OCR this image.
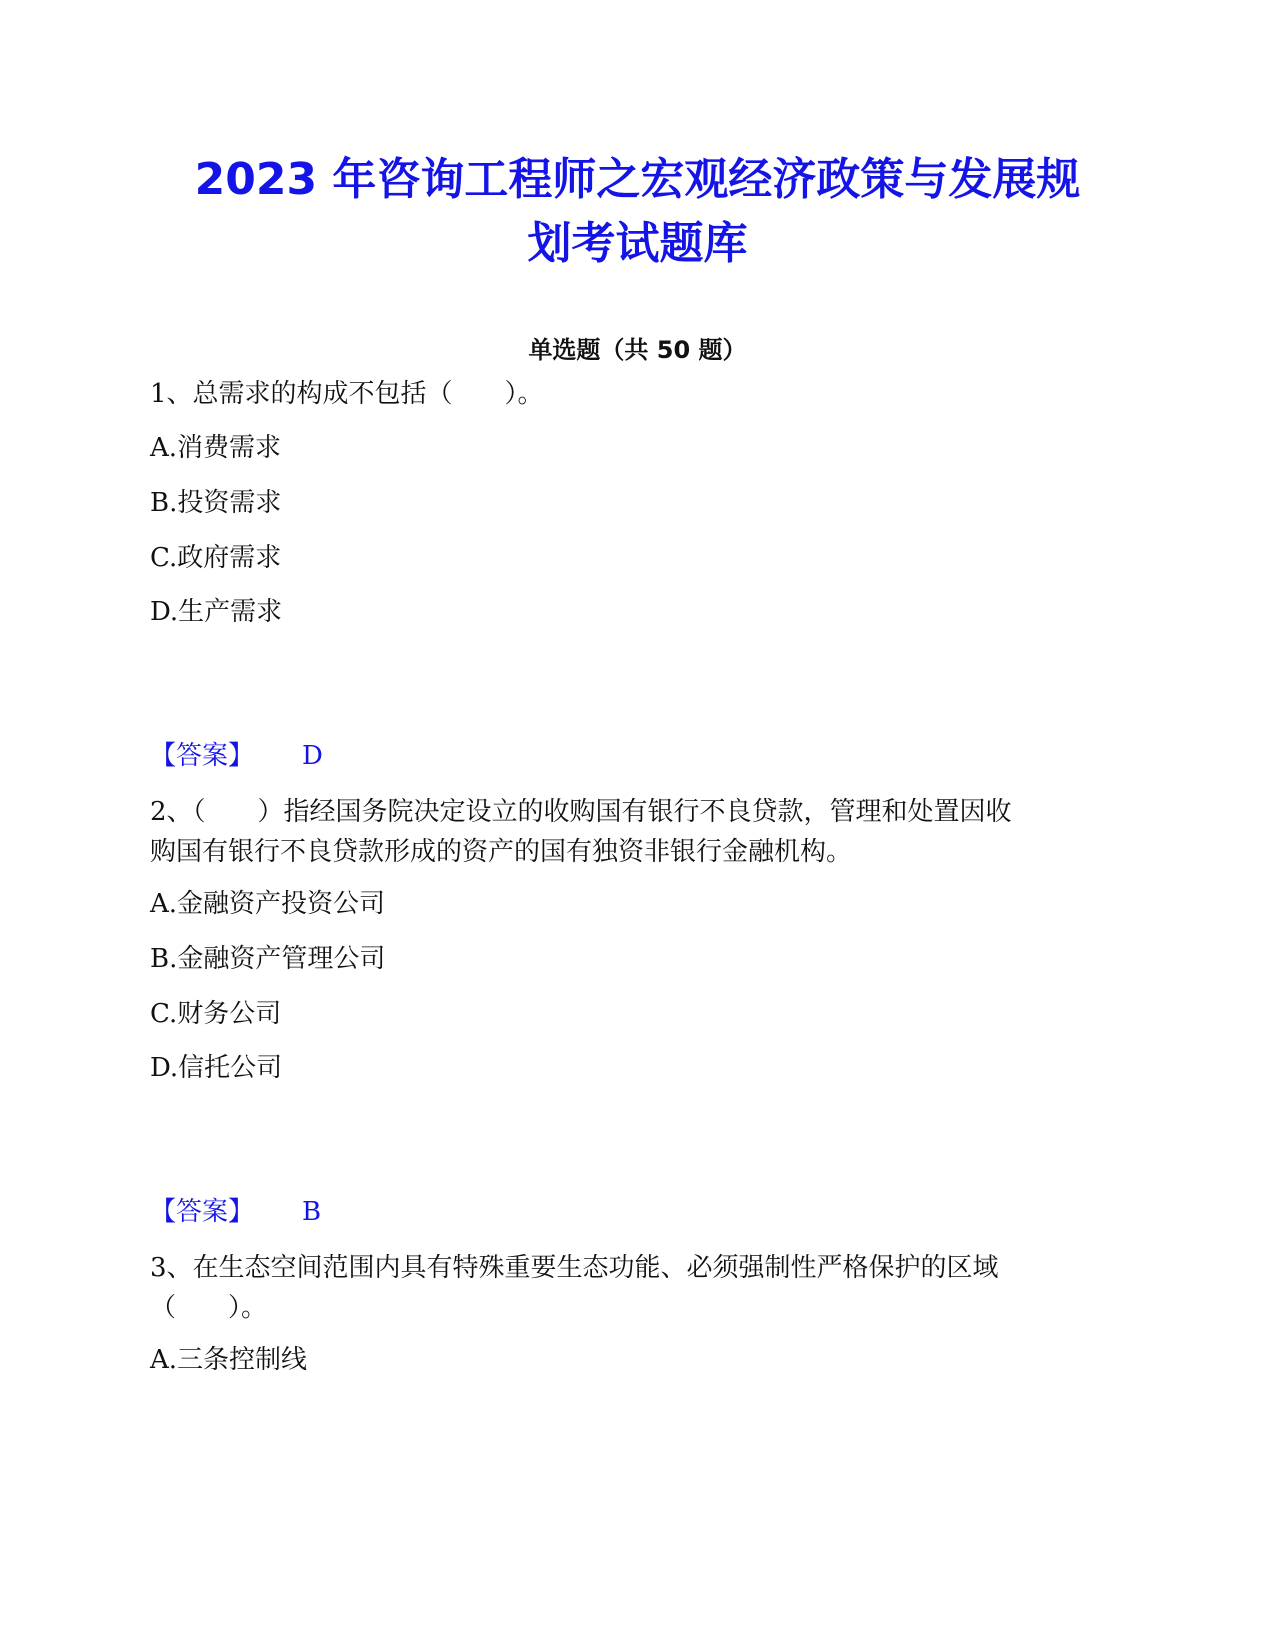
2023 年咨询工程师之宏观经济政策与发展规
划考试题库
单选题（共 50 题）
1、总需求的构成不包括（　　）。
A.消费需求
B.投资需求
C.政府需求
D.生产需求
【答案】 D
2、（　　）指经国务院决定设立的收购国有银行不良贷款，管理和处置因收
购国有银行不良贷款形成的资产的国有独资非银行金融机构。
A.金融资产投资公司
B.金融资产管理公司
C.财务公司
D.信托公司
【答案】 B
3、在生态空间范围内具有特殊重要生态功能、必须强制性严格保护的区域
（　　）。
A.三条控制线
